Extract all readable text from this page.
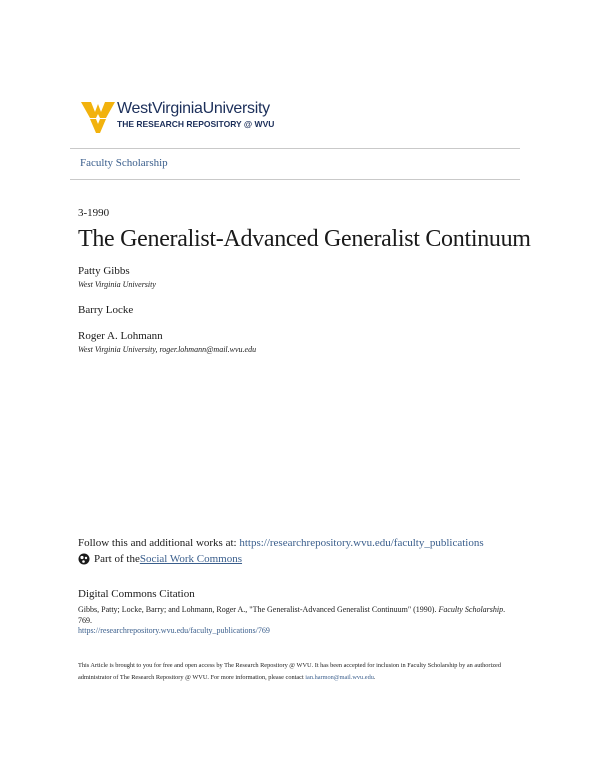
WestVirginiaUniversity
THE RESEARCH REPOSITORY @ WVU
Faculty Scholarship
3-1990
The Generalist-Advanced Generalist Continuum
Patty Gibbs
West Virginia University
Barry Locke
Roger A. Lohmann
West Virginia University, roger.lohmann@mail.wvu.edu
Follow this and additional works at: https://researchrepository.wvu.edu/faculty_publications
Part of the Social Work Commons
Digital Commons Citation
Gibbs, Patty; Locke, Barry; and Lohmann, Roger A., "The Generalist-Advanced Generalist Continuum" (1990). Faculty Scholarship.
769.
https://researchrepository.wvu.edu/faculty_publications/769
This Article is brought to you for free and open access by The Research Repository @ WVU. It has been accepted for inclusion in Faculty Scholarship by an authorized administrator of The Research Repository @ WVU. For more information, please contact ian.harmon@mail.wvu.edu.
